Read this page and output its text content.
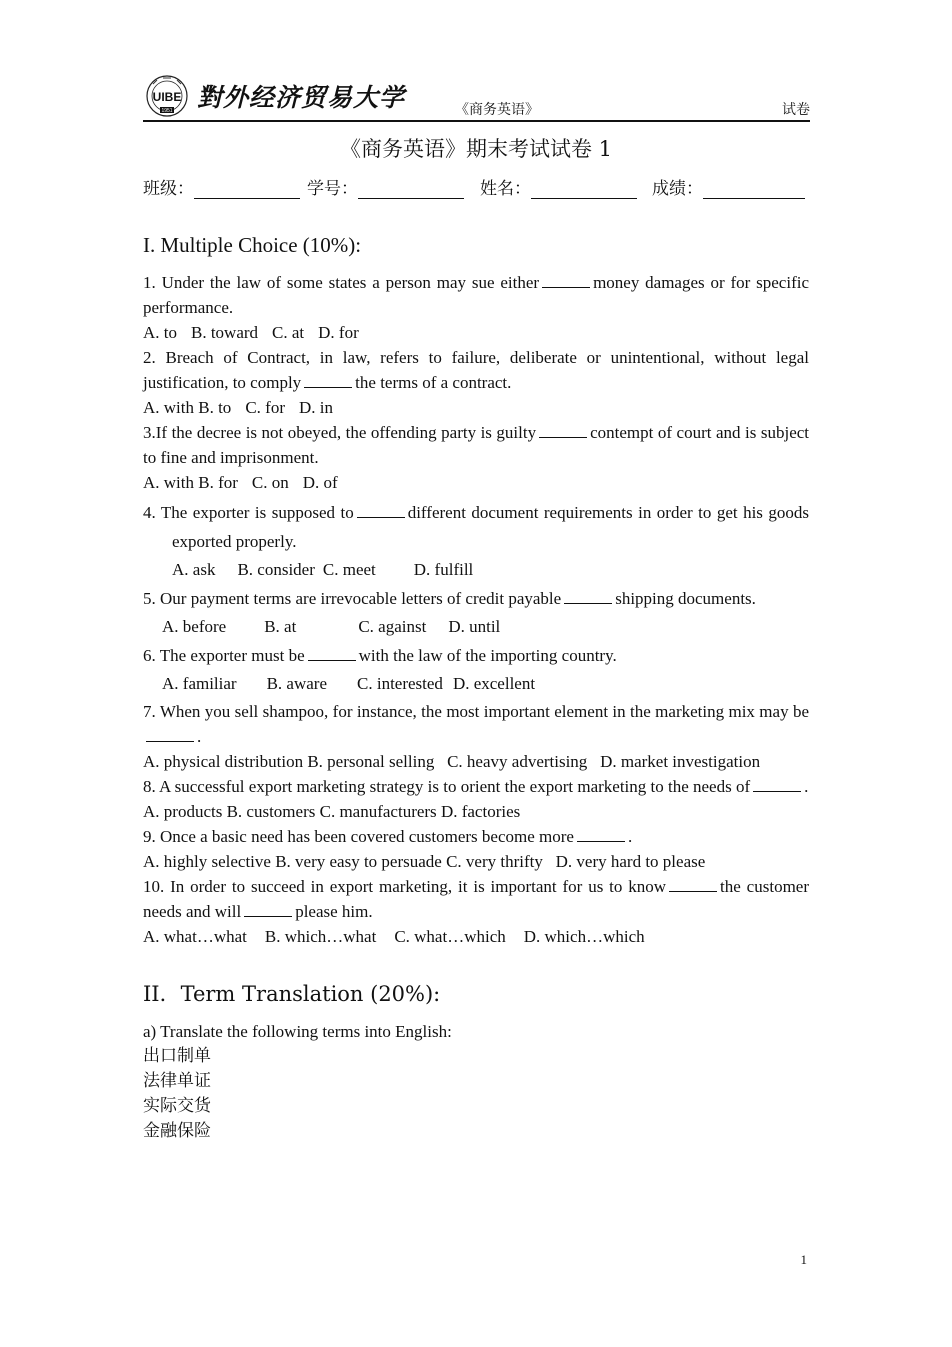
UIBE
1951 對外经济贸易大学	《商务英语》	试卷
《商务英语》期末考试试卷 1
班级：	学号：	姓名：	成绩：
I. Multiple Choice (10%):

1. Under the law of some states a person may sue either	money damages or for specific performance.

A. to B. toward C. at D. for

2. Breach of Contract, in law, refers to failure, deliberate or unintentional, without legal justification, to comply	the terms of a contract.

A. with B. to C. for D. in

3.If the decree is not obeyed, the offending party is guilty	contempt of court and is subject to fine and imprisonment.

A. with B. for C. on D. of

4. The exporter is supposed to	different document requirements in order to get his goods exported properly.

A. ask B. consider C. meet D. fulfill

5. Our payment terms are irrevocable letters of credit payable	shipping documents.

A. before B. at	C. against D. until

6. The exporter must be	with the law of the importing country.

A. familiar B. aware C. interested D. excellent

7. When you sell shampoo, for instance, the most important element in the marketing mix may be.

A. physical distribution B. personal selling C. heavy advertising D. market investigation

8. A successful export marketing strategy is to orient the export marketing to the needs of	.

A. products B. customers C. manufacturers D. factories

9. Once a basic need has been covered customers become more	.

A. highly selective B. very easy to persuade C. very thrifty D. very hard to please

10. In order to succeed in export marketing, it is important for us to know	the customer needs and will	please him.

A. what…what B. which…what C. what…which D. which…which

II．Term Translation (20%):

a) Translate the following terms into English:

出口制单

法律单证

实际交货

金融保险

1
